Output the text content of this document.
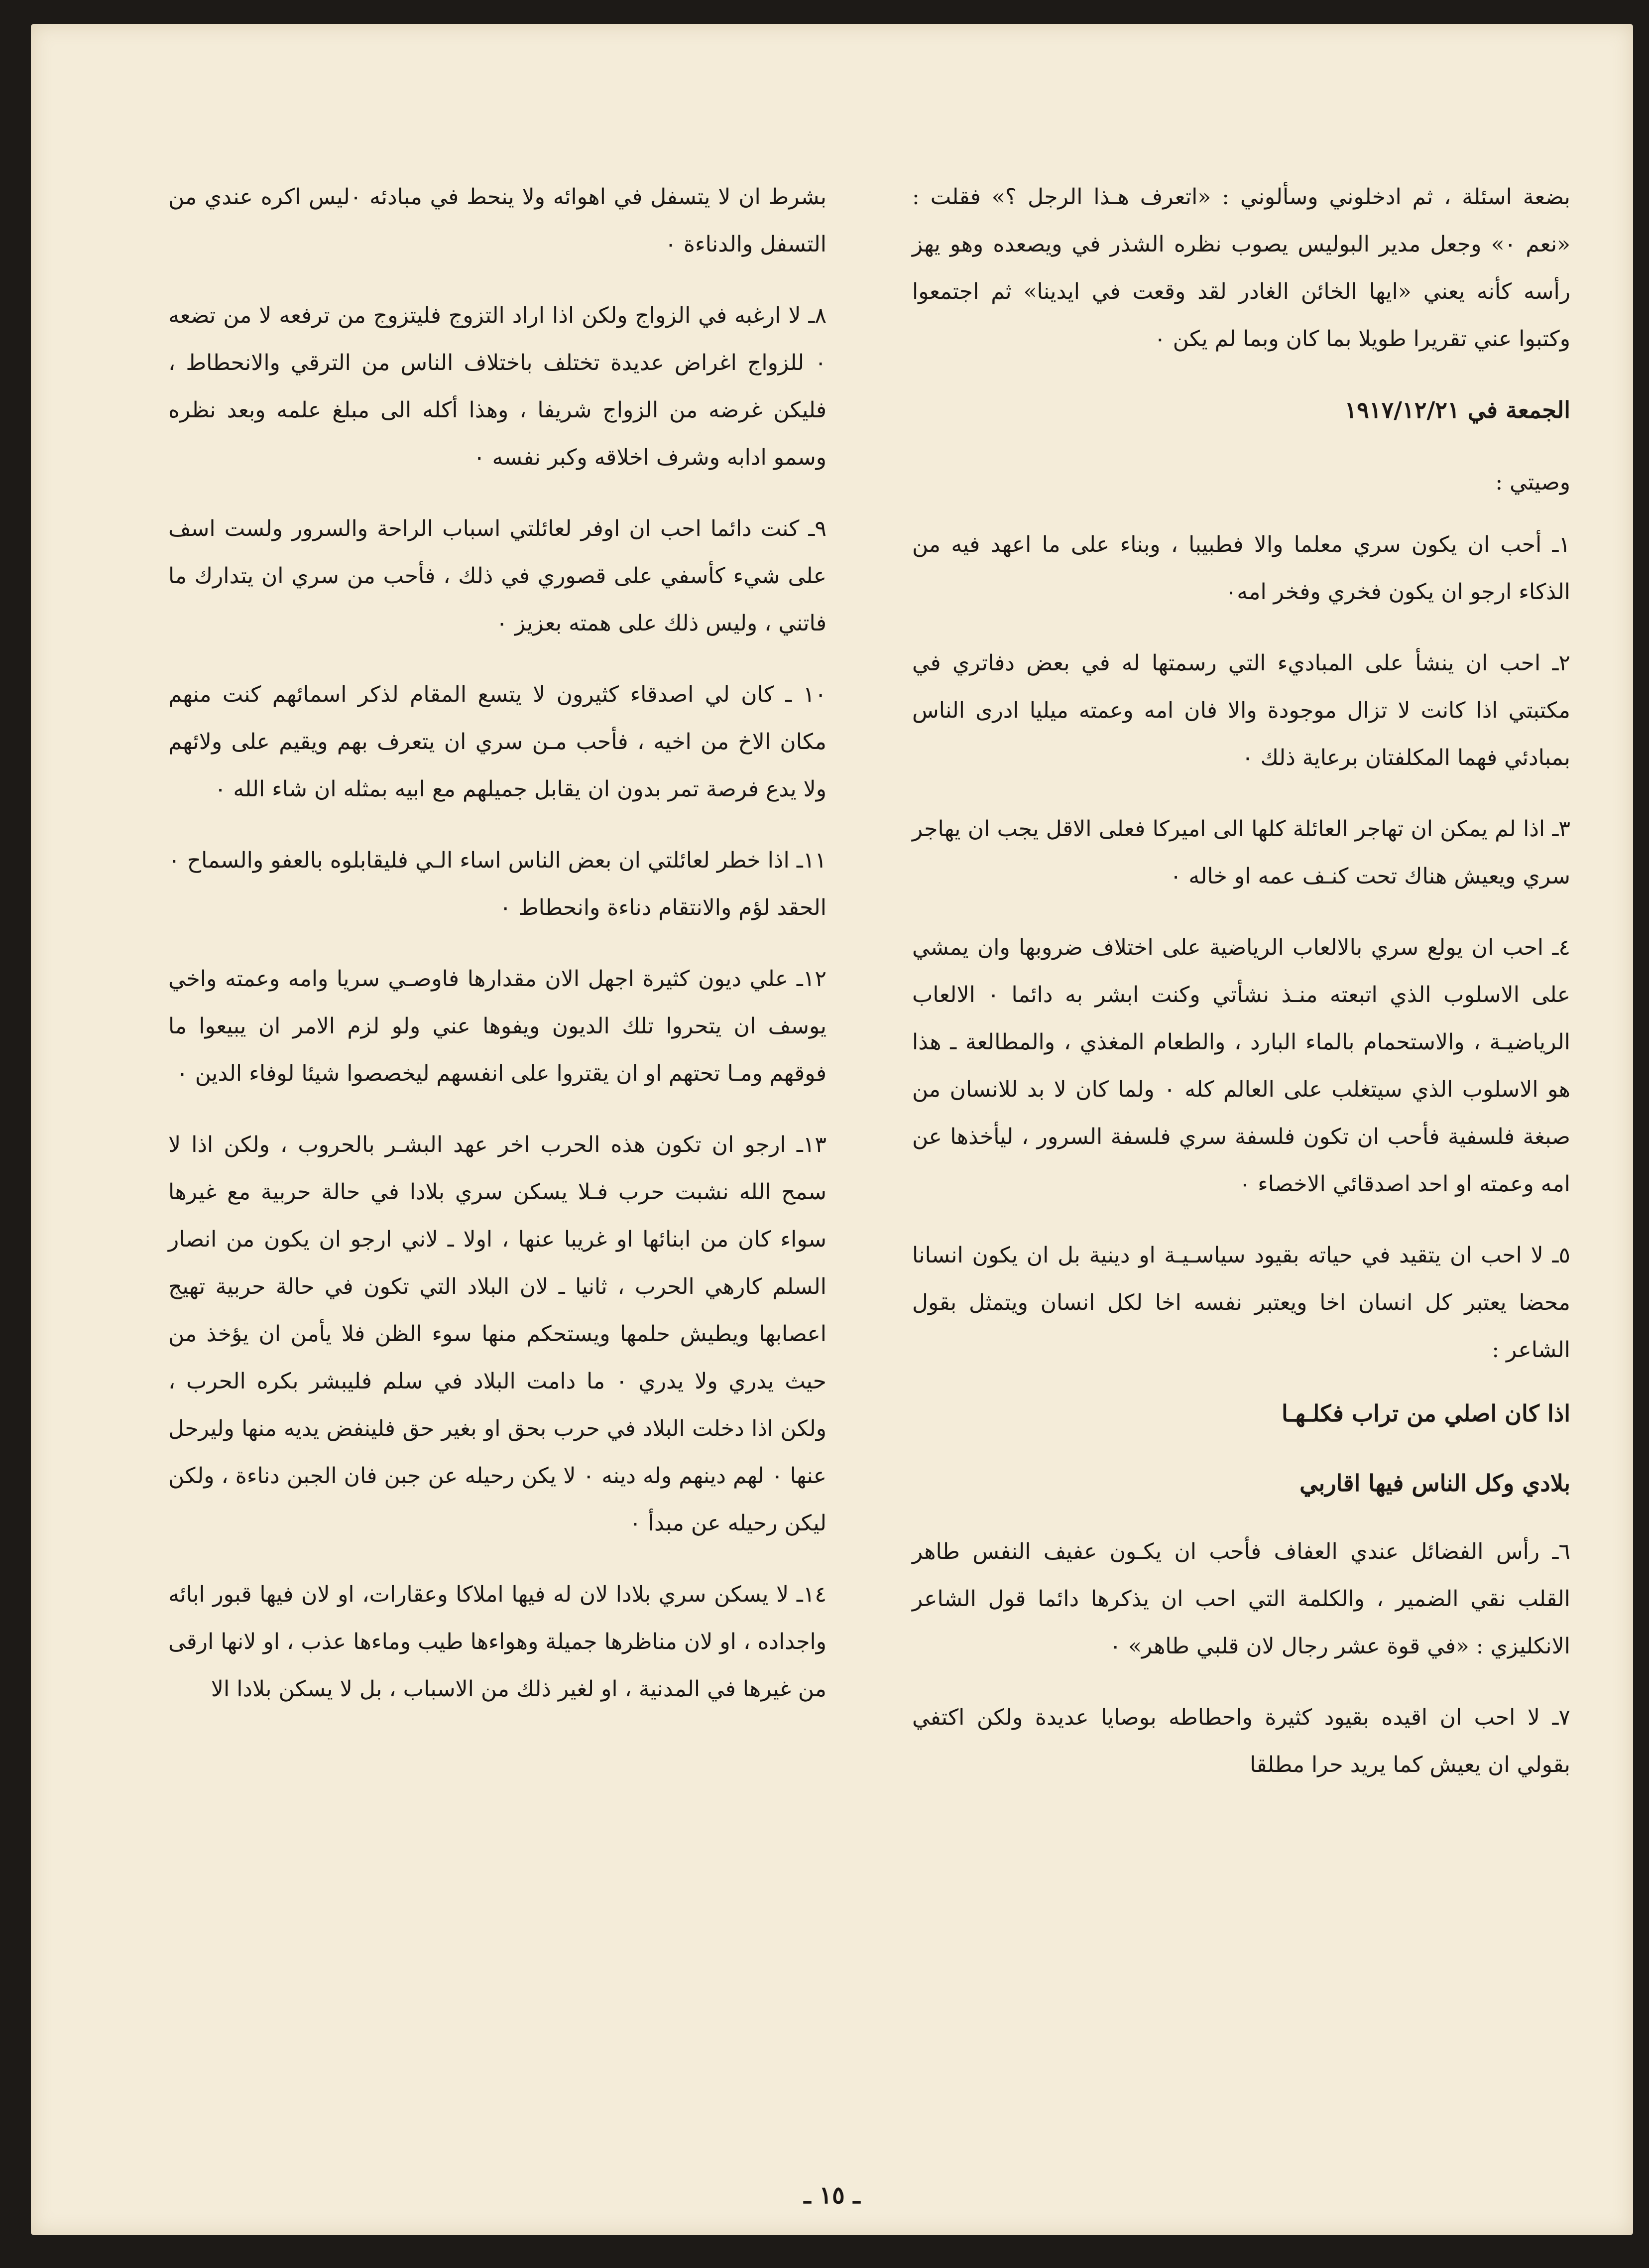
بضعة اسئلة ، ثم ادخلوني وسألوني : «اتعرف هـذا الرجل ؟» فقلت : «نعم ٠» وجعل مدير البوليس يصوب نظره الشذر في ويصعده وهو يهز رأسه كأنه يعني «ايها الخائن الغادر لقد وقعت في ايدينا» ثم اجتمعوا وكتبوا عني تقريرا طويلا بما كان وبما لم يكن ٠

الجمعة في ١٩١٧/١٢/٢١

وصيتي :

١ـ أحب ان يكون سري معلما والا فطبيبا ، وبناء على ما اعهد فيه من الذكاء ارجو ان يكون فخري وفخر امه٠

٢ـ احب ان ينشأ على المباديء التي رسمتها له في بعض دفاتري في مكتبتي اذا كانت لا تزال موجودة والا فان امه وعمته ميليا ادرى الناس بمبادئي فهما المكلفتان برعاية ذلك ٠

٣ـ اذا لم يمكن ان تهاجر العائلة كلها الى اميركا فعلى الاقل يجب ان يهاجر سري ويعيش هناك تحت كنـف عمه او خاله ٠

٤ـ احب ان يولع سري بالالعاب الرياضية على اختلاف ضروبها وان يمشي على الاسلوب الذي اتبعته منـذ نشأتي وكنت ابشر به دائما ٠ الالعاب الرياضيـة ، والاستحمام بالماء البارد ، والطعام المغذي ، والمطالعة ـ هذا هو الاسلوب الذي سيتغلب على العالم كله ٠ ولما كان لا بد للانسان من صبغة فلسفية فأحب ان تكون فلسفة سري فلسفة السرور ، ليأخذها عن امه وعمته او احد اصدقائي الاخصاء ٠

٥ـ لا احب ان يتقيد في حياته بقيود سياسـيـة او دينية بل ان يكون انسانا محضا يعتبر كل انسان اخا ويعتبر نفسه اخا لكل انسان ويتمثل بقول الشاعر :

اذا كان اصلي من تراب فكلـهـا
بلادي وكل الناس فيها اقاربي

٦ـ رأس الفضائل عندي العفاف فأحب ان يكـون عفيف النفس طاهر القلب نقي الضمير ، والكلمة التي احب ان يذكرها دائما قول الشاعر الانكليزي : «في قوة عشر رجال لان قلبي طاهر» ٠

٧ـ لا احب ان اقيده بقيود كثيرة واحطاطه بوصايا عديدة ولكن اكتفي بقولي ان يعيش كما يريد حرا مطلقا

بشرط ان لا يتسفل في اهوائه ولا ينحط في مبادئه ٠ليس اكره عندي من التسفل والدناءة ٠

٨ـ لا ارغبه في الزواج ولكن اذا اراد التزوج فليتزوج من ترفعه لا من تضعه ٠ للزواج اغراض عديدة تختلف باختلاف الناس من الترقي والانحطاط ، فليكن غرضه من الزواج شريفا ، وهذا أكله الى مبلغ علمه وبعد نظره وسمو ادابه وشرف اخلاقه وكبر نفسه ٠

٩ـ كنت دائما احب ان اوفر لعائلتي اسباب الراحة والسرور ولست اسف على شيء كأسفي على قصوري في ذلك ، فأحب من سري ان يتدارك ما فاتني ، وليس ذلك على همته بعزيز ٠

١٠ ـ كان لي اصدقاء كثيرون لا يتسع المقام لذكر اسمائهم كنت منهم مكان الاخ من اخيه ، فأحب مـن سري ان يتعرف بهم ويقيم على ولائهم ولا يدع فرصة تمر بدون ان يقابل جميلهم مع ابيه بمثله ان شاء الله ٠

١١ـ اذا خطر لعائلتي ان بعض الناس اساء الـي فليقابلوه بالعفو والسماح ٠ الحقد لؤم والانتقام دناءة وانحطاط ٠

١٢ـ علي ديون كثيرة اجهل الان مقدارها فاوصـي سريا وامه وعمته واخي يوسف ان يتحروا تلك الديون ويفوها عني ولو لزم الامر ان يبيعوا ما فوقهم ومـا تحتهم او ان يقتروا على انفسهم ليخصصوا شيئا لوفاء الدين ٠

١٣ـ ارجو ان تكون هذه الحرب اخر عهد البشـر بالحروب ، ولكن اذا لا سمح الله نشبت حرب فـلا يسكن سري بلادا في حالة حربية مع غيرها سواء كان من ابنائها او غريبا عنها ، اولا ـ لاني ارجو ان يكون من انصار السلم كارهي الحرب ، ثانيا ـ لان البلاد التي تكون في حالة حربية تهيج اعصابها ويطيش حلمها ويستحكم منها سوء الظن فلا يأمن ان يؤخذ من حيث يدري ولا يدري ٠ ما دامت البلاد في سلم فليبشر بكره الحرب ، ولكن اذا دخلت البلاد في حرب بحق او بغير حق فلينفض يديه منها وليرحل عنها ٠ لهم دينهم وله دينه ٠ لا يكن رحيله عن جبن فان الجبن دناءة ، ولكن ليكن رحيله عن مبدأ ٠

١٤ـ لا يسكن سري بلادا لان له فيها املاكا وعقارات، او لان فيها قبور ابائه واجداده ، او لان مناظرها جميلة وهواءها طيب وماءها عذب ، او لانها ارقى من غيرها في المدنية ، او لغير ذلك من الاسباب ، بل لا يسكن بلادا الا

ـ ١٥ ـ
